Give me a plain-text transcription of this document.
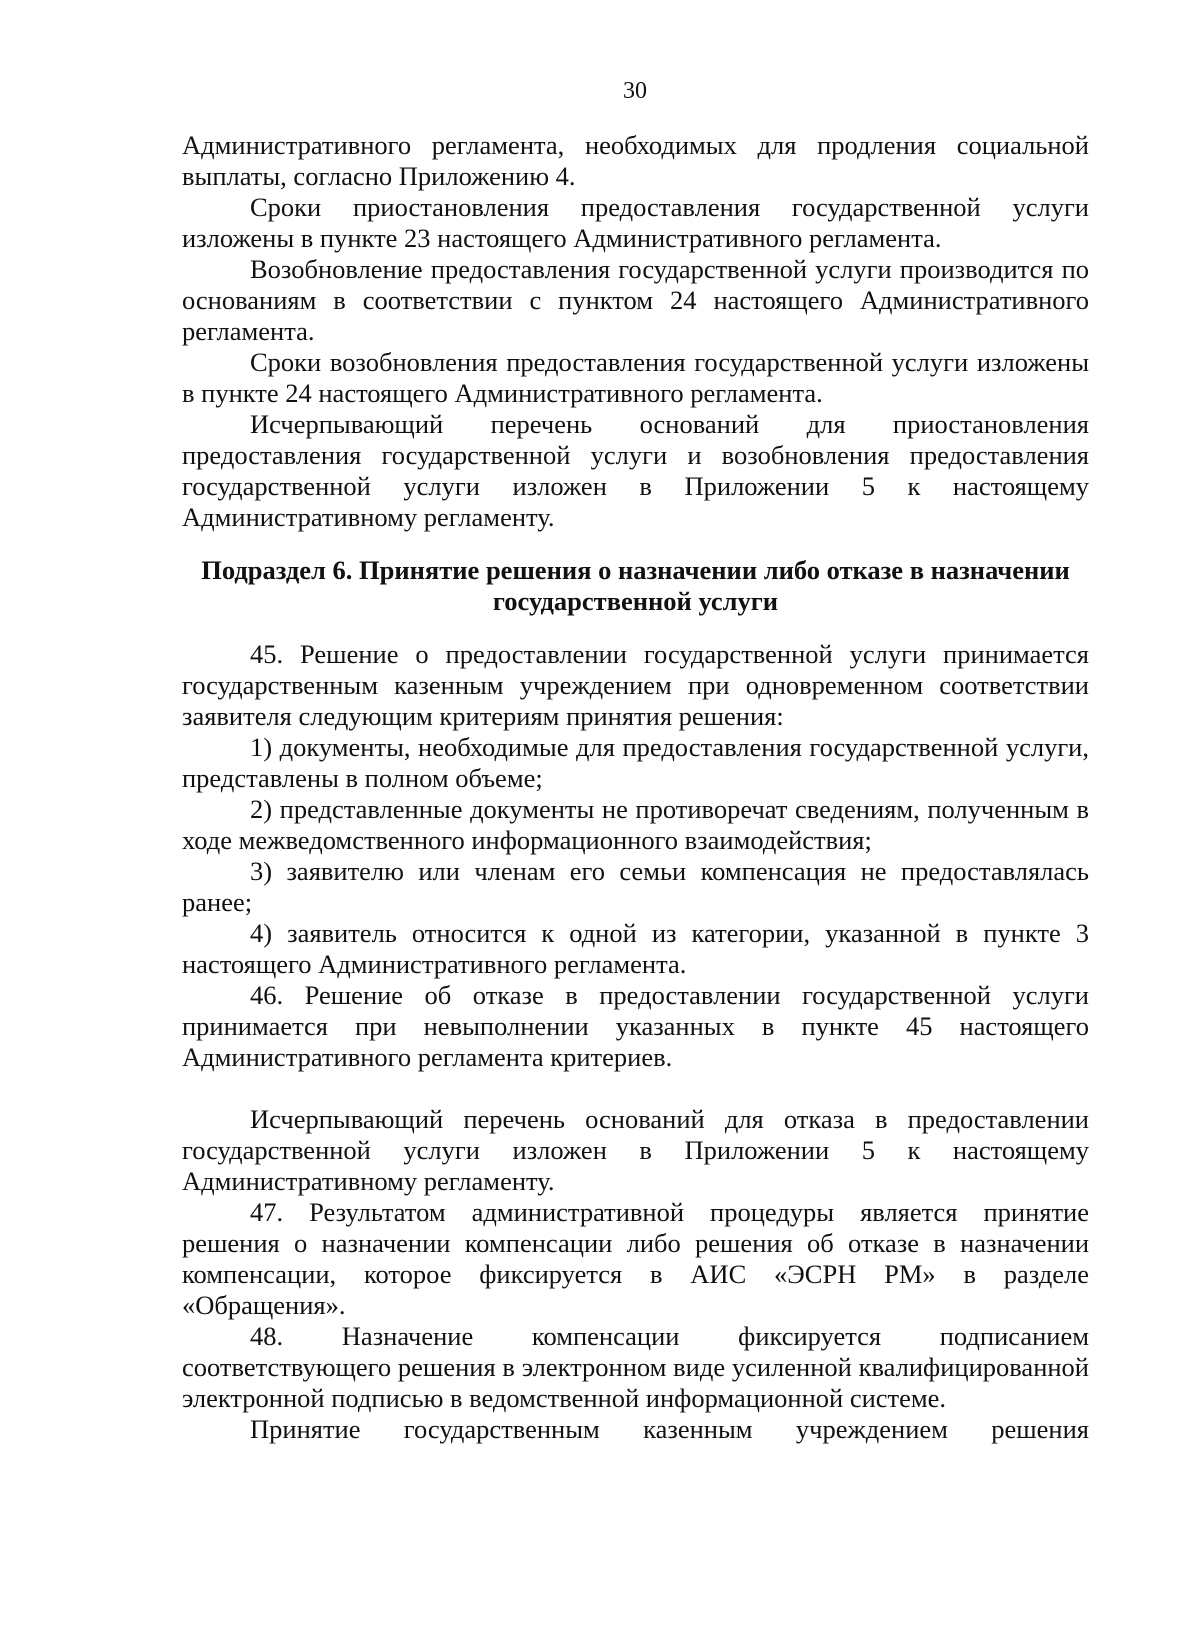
30

Административного регламента, необходимых для продления социальной выплаты, согласно Приложению 4.

Сроки приостановления предоставления государственной услуги изложены в пункте 23 настоящего Административного регламента.

Возобновление предоставления государственной услуги производится по основаниям в соответствии с пунктом 24 настоящего Административного регламента.

Сроки возобновления предоставления государственной услуги изложены в пункте 24 настоящего Административного регламента.

Исчерпывающий перечень оснований для приостановления предоставления государственной услуги и возобновления предоставления государственной услуги изложен в Приложении 5 к настоящему Административному регламенту.

Подраздел 6. Принятие решения о назначении либо отказе в назначении
государственной услуги

45. Решение о предоставлении государственной услуги принимается государственным казенным учреждением при одновременном соответствии заявителя следующим критериям принятия решения:

1) документы, необходимые для предоставления государственной услуги, представлены в полном объеме;

2) представленные документы не противоречат сведениям, полученным в ходе межведомственного информационного взаимодействия;

3) заявителю или членам его семьи компенсация не предоставлялась ранее;

4) заявитель относится к одной из категории, указанной в пункте 3 настоящего Административного регламента.

46. Решение об отказе в предоставлении государственной услуги принимается при невыполнении указанных в пункте 45 настоящего Административного регламента критериев.

Исчерпывающий перечень оснований для отказа в предоставлении государственной услуги изложен в Приложении 5 к настоящему Административному регламенту.

47. Результатом административной процедуры является принятие решения о назначении компенсации либо решения об отказе в назначении компенсации, которое фиксируется в АИС «ЭСРН РМ» в разделе «Обращения».

48. Назначение компенсации фиксируется подписанием соответствующего решения в электронном виде усиленной квалифицированной электронной подписью в ведомственной информационной системе.

Принятие государственным казенным учреждением решения
